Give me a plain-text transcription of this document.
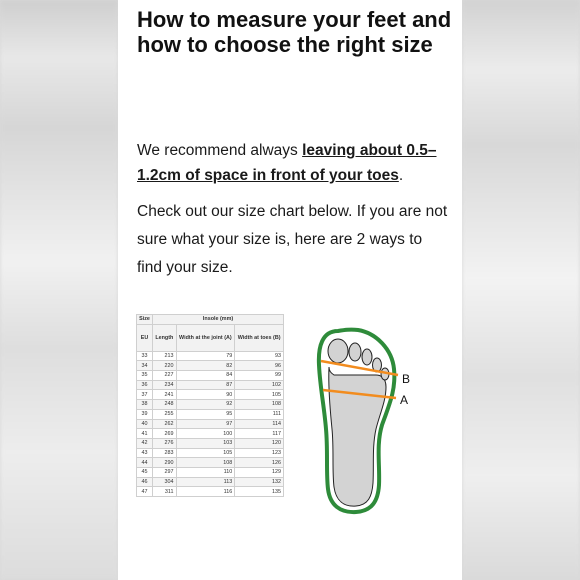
How to measure your feet and how to choose the right size

We recommend always leaving about 0.5–1.2cm of space in front of your toes.

Check out our size chart below. If you are not sure what your size is, here are 2 ways to find your size.

Size	Insole (mm)		
EU	Length	Width at the joint (A)	Width at toes (B)
33	213	79	93
34	220	82	96
35	227	84	99
36	234	87	102
37	241	90	105
38	248	92	108
39	255	95	111
40	262	97	114
41	269	100	117
42	276	103	120
43	283	105	123
44	290	108	126
45	297	110	129
46	304	113	132
47	311	116	135
B
A
